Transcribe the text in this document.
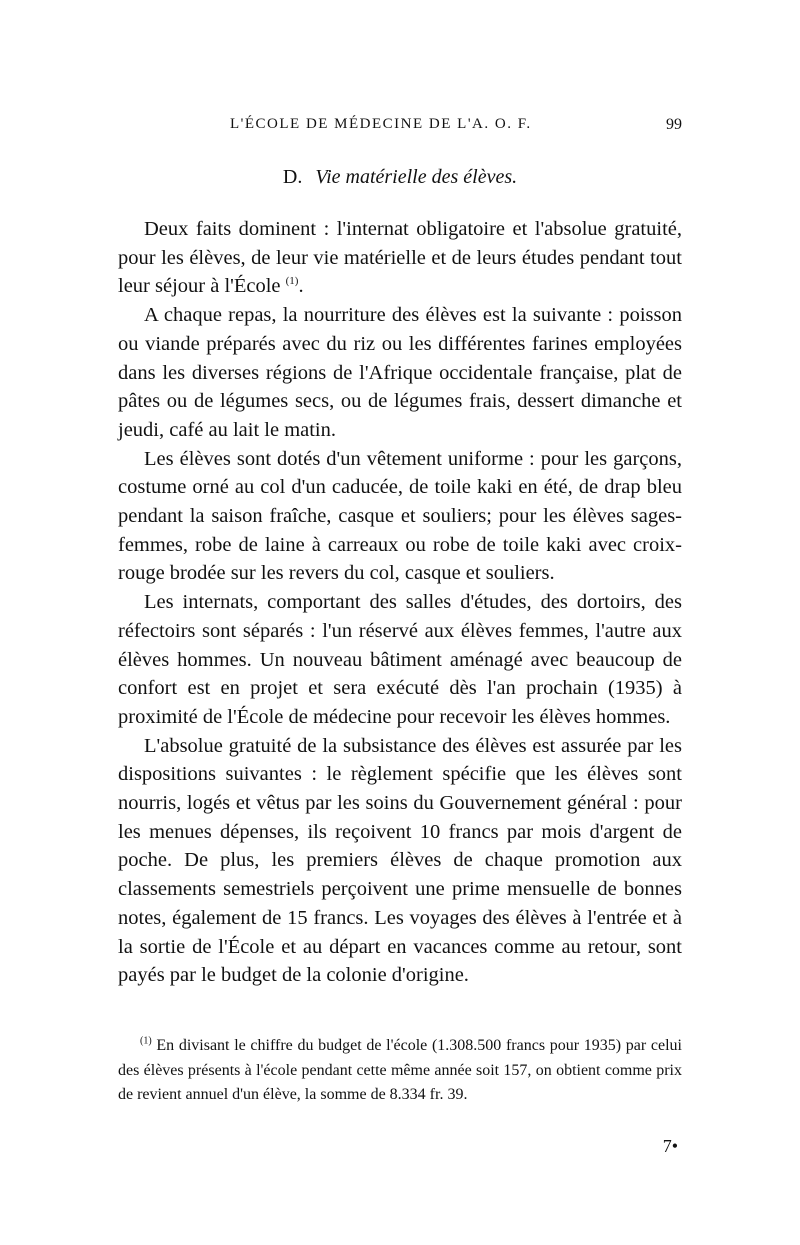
L'ÉCOLE DE MÉDECINE DE L'A. O. F.	99
D. Vie matérielle des élèves.

Deux faits dominent : l'internat obligatoire et l'absolue gratuité, pour les élèves, de leur vie matérielle et de leurs études pendant tout leur séjour à l'École $^{(1)}$.

A chaque repas, la nourriture des élèves est la suivante : poisson ou viande préparés avec du riz ou les différentes farines employées dans les diverses régions de l'Afrique occidentale française, plat de pâtes ou de légumes secs, ou de légumes frais, dessert dimanche et jeudi, café au lait le matin.

Les élèves sont dotés d'un vêtement uniforme : pour les garçons, costume orné au col d'un caducée, de toile kaki en été, de drap bleu pendant la saison fraîche, casque et souliers; pour les élèves sages-femmes, robe de laine à carreaux ou robe de toile kaki avec croix-rouge brodée sur les revers du col, casque et souliers.

Les internats, comportant des salles d'études, des dortoirs, des réfectoirs sont séparés : l'un réservé aux élèves femmes, l'autre aux élèves hommes. Un nouveau bâtiment aménagé avec beaucoup de confort est en projet et sera exécuté dès l'an prochain (1935) à proximité de l'École de médecine pour recevoir les élèves hommes.

L'absolue gratuité de la subsistance des élèves est assurée par les dispositions suivantes : le règlement spécifie que les élèves sont nourris, logés et vêtus par les soins du Gouvernement général : pour les menues dépenses, ils reçoivent 10 francs par mois d'argent de poche. De plus, les premiers élèves de chaque promotion aux classements semestriels perçoivent une prime mensuelle de bonnes notes, également de 15 francs. Les voyages des élèves à l'entrée et à la sortie de l'École et au départ en vacances comme au retour, sont payés par le budget de la colonie d'origine.

$^{(1)}$ En divisant le chiffre du budget de l'école (1.308.500 francs pour 1935) par celui des élèves présents à l'école pendant cette même année soit 157, on obtient comme prix de revient annuel d'un élève, la somme de 8.334 fr. 39.

7•
